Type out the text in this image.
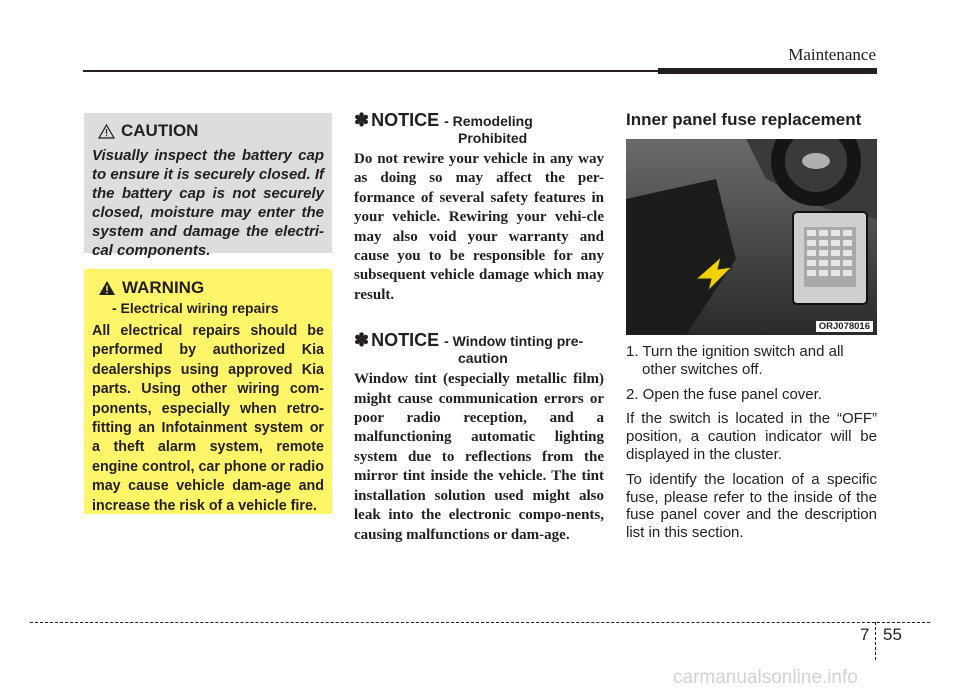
Maintenance
CAUTION
Visually inspect the battery cap to ensure it is securely closed. If the battery cap is not securely closed, moisture may enter the system and damage the electri-cal components.
WARNING
- Electrical wiring repairs
All electrical repairs should be performed by authorized Kia dealerships using approved Kia parts. Using other wiring com-ponents, especially when retro-fitting an Infotainment system or a theft alarm system, remote engine control, car phone or radio may cause vehicle dam-age and increase the risk of a vehicle fire.
✽ NOTICE - Remodeling
Prohibited
Do not rewire your vehicle in any way as doing so may affect the per-formance of several safety features in your vehicle. Rewiring your vehi-cle may also void your warranty and cause you to be responsible for any subsequent vehicle damage which may result.
✽ NOTICE - Window tinting pre-
caution
Window tint (especially metallic film) might cause communication errors or poor radio reception, and a malfunctioning automatic lighting system due to reflections from the mirror tint inside the vehicle. The tint installation solution used might also leak into the electronic compo-nents, causing malfunctions or dam-age.
Inner panel fuse replacement
ORJ078016

1. Turn the ignition switch and all other switches off.

2. Open the fuse panel cover.

If the switch is located in the “OFF” position, a caution indicator will be displayed in the cluster.

To identify the location of a specific fuse, please refer to the inside of the fuse panel cover and the description list in this section.

7 55
carmanualsonline.info
